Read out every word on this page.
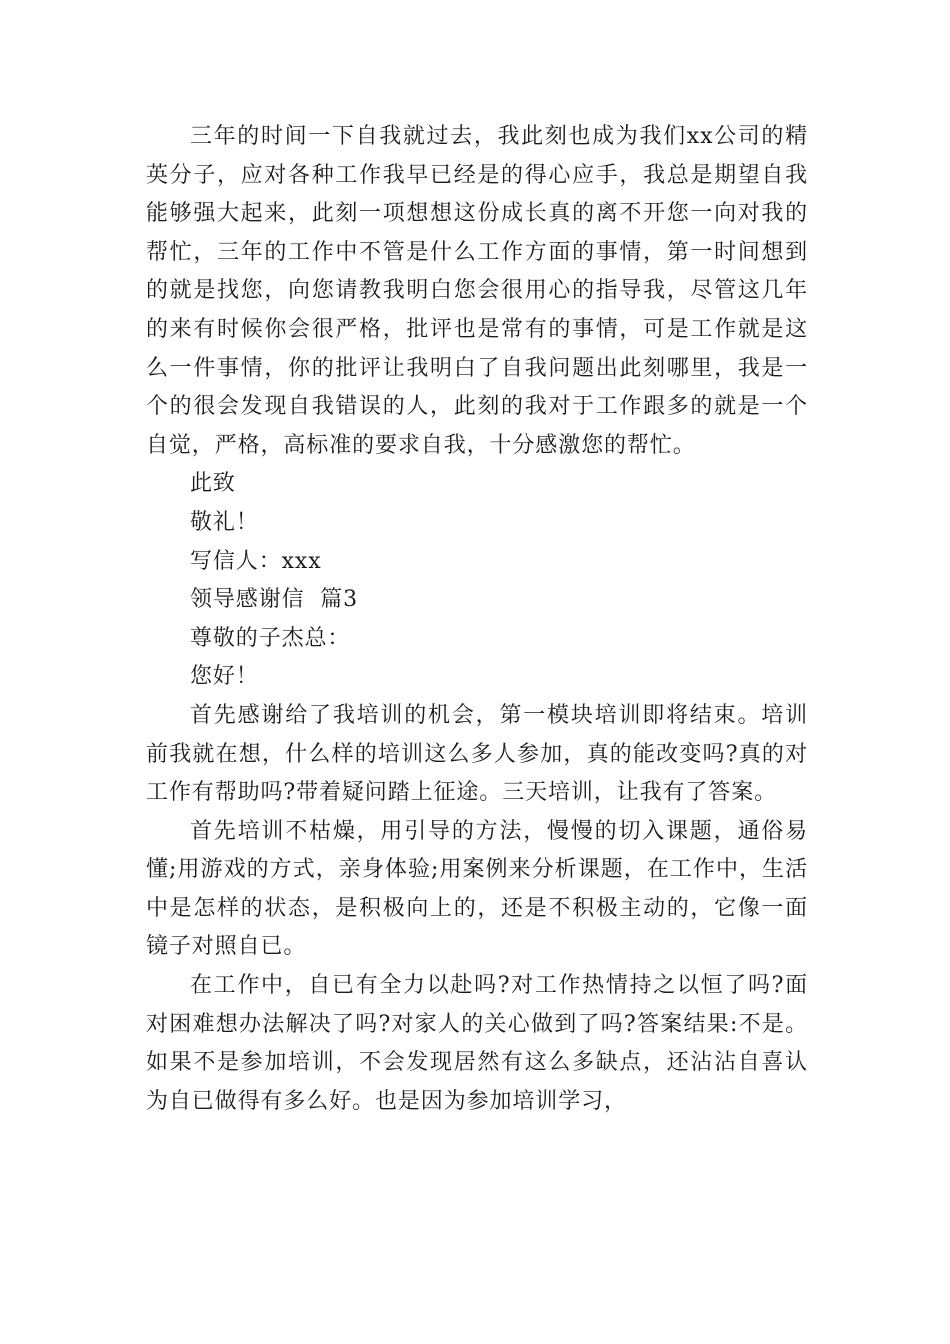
三年的时间一下自我就过去，我此刻也成为我们xx公司的精英分子，应对各种工作我早已经是的得心应手，我总是期望自我能够强大起来，此刻一项想想这份成长真的离不开您一向对我的帮忙，三年的工作中不管是什么工作方面的事情，第一时间想到的就是找您，向您请教我明白您会很用心的指导我，尽管这几年的来有时候你会很严格，批评也是常有的事情，可是工作就是这么一件事情，你的批评让我明白了自我问题出此刻哪里，我是一个的很会发现自我错误的人，此刻的我对于工作跟多的就是一个自觉，严格，高标准的要求自我，十分感激您的帮忙。

此致

敬礼！

写信人：xxx

领导感谢信  篇3

尊敬的子杰总：

您好！

首先感谢给了我培训的机会，第一模块培训即将结束。培训前我就在想，什么样的培训这么多人参加，真的能改变吗?真的对工作有帮助吗?带着疑问踏上征途。三天培训，让我有了答案。

首先培训不枯燥，用引导的方法，慢慢的切入课题，通俗易懂;用游戏的方式，亲身体验;用案例来分析课题，在工作中，生活中是怎样的状态，是积极向上的，还是不积极主动的，它像一面镜子对照自已。

在工作中，自已有全力以赴吗?对工作热情持之以恒了吗?面对困难想办法解决了吗?对家人的关心做到了吗?答案结果:不是。如果不是参加培训，不会发现居然有这么多缺点，还沾沾自喜认为自已做得有多么好。也是因为参加培训学习，
